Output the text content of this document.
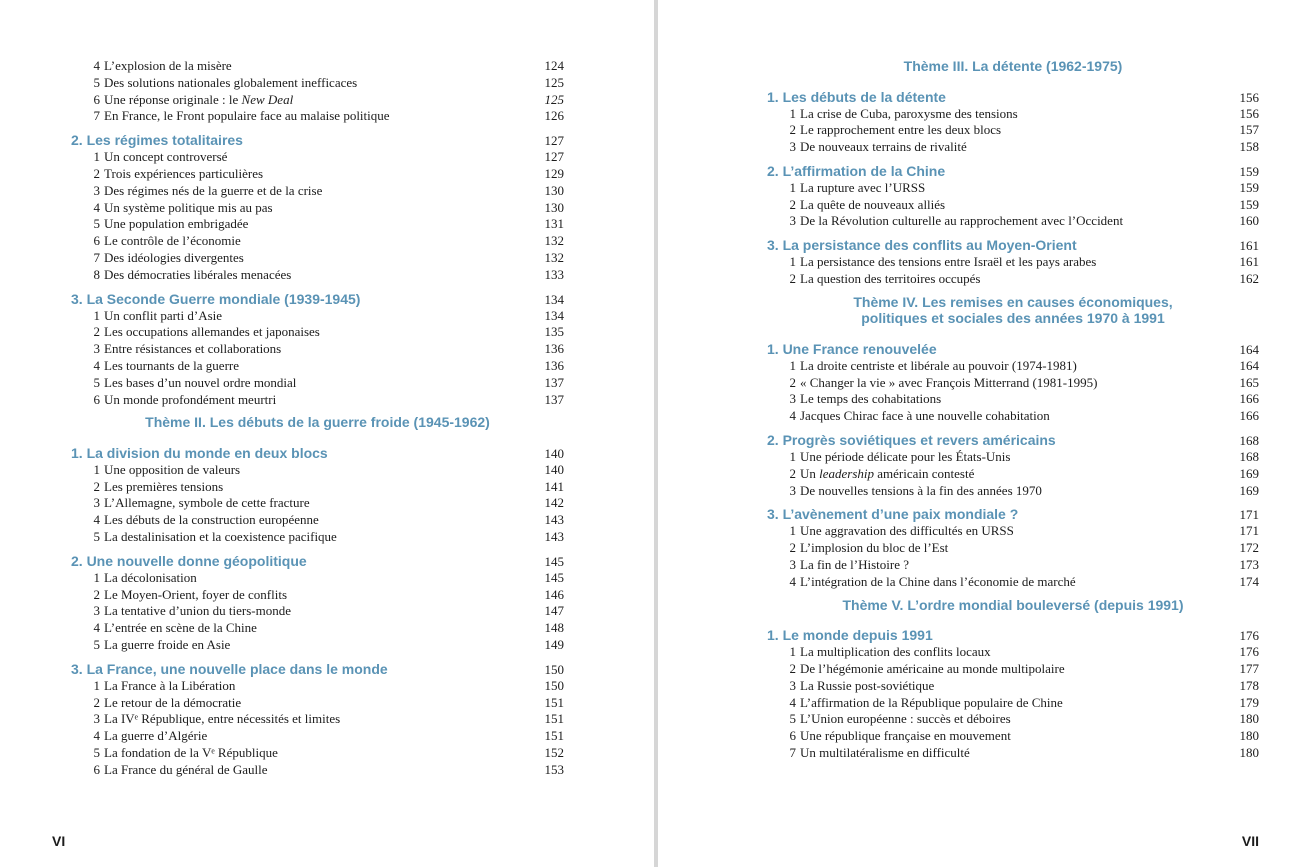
4 L’explosion de la misère	124
5 Des solutions nationales globalement inefficaces	125
6 Une réponse originale : le New Deal	125
7 En France, le Front populaire face au malaise politique	126
2. Les régimes totalitaires	127
1 Un concept controversé	127
2 Trois expériences particulières	129
3 Des régimes nés de la guerre et de la crise	130
4 Un système politique mis au pas	130
5 Une population embrigadée	131
6 Le contrôle de l’économie	132
7 Des idéologies divergentes	132
8 Des démocraties libérales menacées	133
3. La Seconde Guerre mondiale (1939-1945)	134
1 Un conflit parti d’Asie	134
2 Les occupations allemandes et japonaises	135
3 Entre résistances et collaborations	136
4 Les tournants de la guerre	136
5 Les bases d’un nouvel ordre mondial	137
6 Un monde profondément meurtri	137
Thème II. Les débuts de la guerre froide (1945-1962)
1. La division du monde en deux blocs	140
1 Une opposition de valeurs	140
2 Les premières tensions	141
3 L’Allemagne, symbole de cette fracture	142
4 Les débuts de la construction européenne	143
5 La destalinisation et la coexistence pacifique	143
2. Une nouvelle donne géopolitique	145
1 La décolonisation	145
2 Le Moyen-Orient, foyer de conflits	146
3 La tentative d’union du tiers-monde	147
4 L’entrée en scène de la Chine	148
5 La guerre froide en Asie	149
3. La France, une nouvelle place dans le monde	150
1 La France à la Libération	150
2 Le retour de la démocratie	151
3 La IVᵉ République, entre nécessités et limites	151
4 La guerre d’Algérie	151
5 La fondation de la Vᵉ République	152
6 La France du général de Gaulle	153
VI
Thème III. La détente (1962-1975)
1. Les débuts de la détente	156
1 La crise de Cuba, paroxysme des tensions	156
2 Le rapprochement entre les deux blocs	157
3 De nouveaux terrains de rivalité	158
2. L’affirmation de la Chine	159
1 La rupture avec l’URSS	159
2 La quête de nouveaux alliés	159
3 De la Révolution culturelle au rapprochement avec l’Occident	160
3. La persistance des conflits au Moyen-Orient	161
1 La persistance des tensions entre Israël et les pays arabes	161
2 La question des territoires occupés	162
Thème IV. Les remises en causes économiques,
politiques et sociales des années 1970 à 1991
1. Une France renouvelée	164
1 La droite centriste et libérale au pouvoir (1974-1981)	164
2 « Changer la vie » avec François Mitterrand (1981-1995)	165
3 Le temps des cohabitations	166
4 Jacques Chirac face à une nouvelle cohabitation	166
2. Progrès soviétiques et revers américains	168
1 Une période délicate pour les États-Unis	168
2 Un leadership américain contesté	169
3 De nouvelles tensions à la fin des années 1970	169
3. L’avènement d’une paix mondiale ?	171
1 Une aggravation des difficultés en URSS	171
2 L’implosion du bloc de l’Est	172
3 La fin de l’Histoire ?	173
4 L’intégration de la Chine dans l’économie de marché	174
Thème V. L’ordre mondial bouleversé (depuis 1991)
1. Le monde depuis 1991	176
1 La multiplication des conflits locaux	176
2 De l’hégémonie américaine au monde multipolaire	177
3 La Russie post-soviétique	178
4 L’affirmation de la République populaire de Chine	179
5 L’Union européenne : succès et déboires	180
6 Une république française en mouvement	180
7 Un multilatéralisme en difficulté	180
VII
